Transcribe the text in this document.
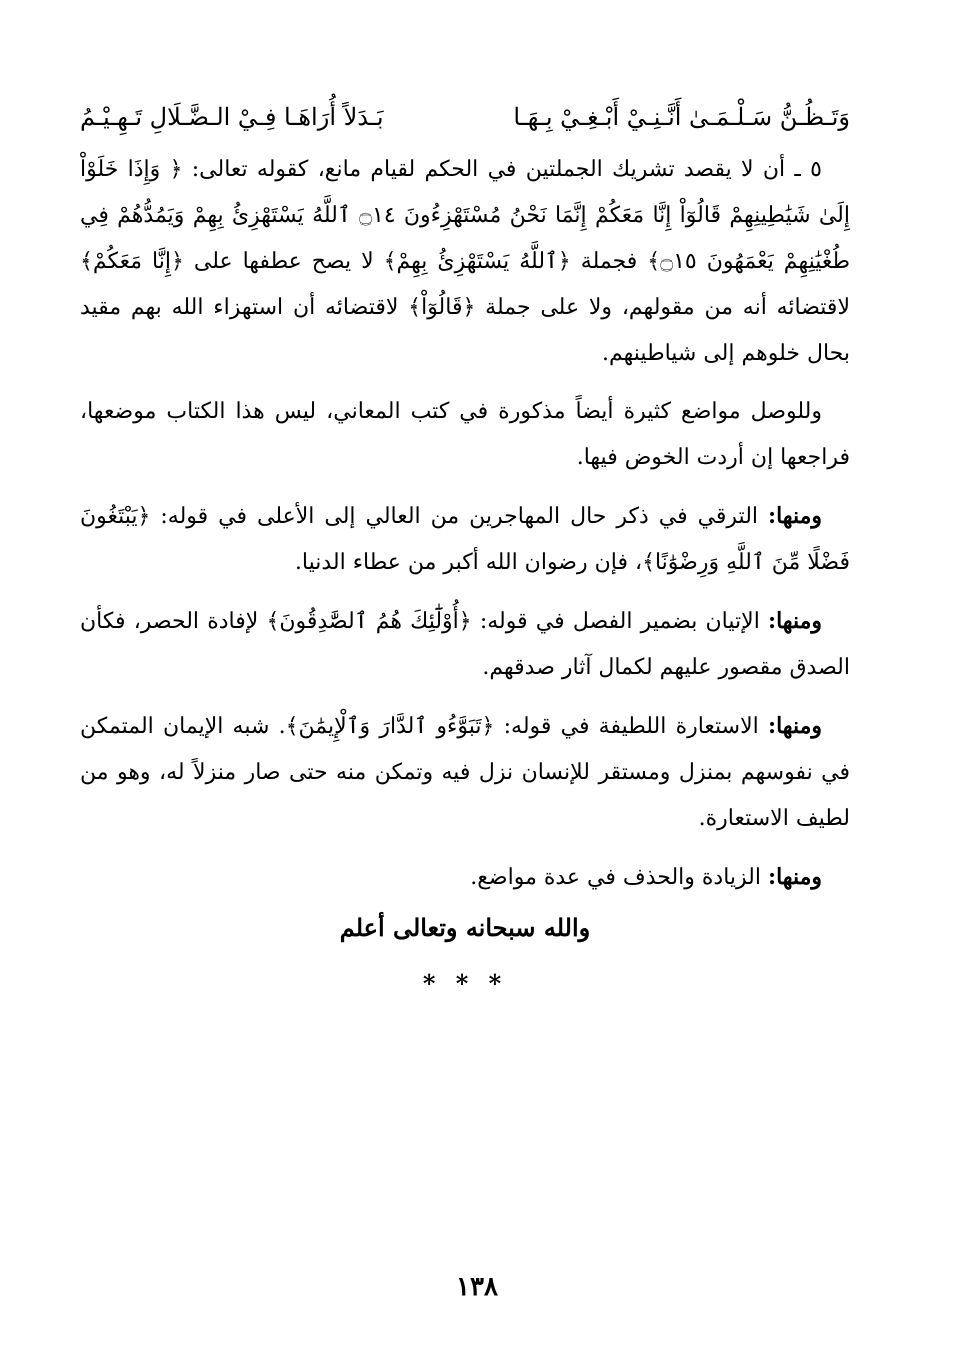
وَتَـظُـنُّ سَـلْـمَـىٰ أَنَّـنِـيْ أَبْـغِـيْ بِـهَـا
بَـدَلاً أُرَاهَـا فِـيْ الـضَّـلَالِ تَـهِـيْـمُ

٥ ـ أن لا يقصد تشريك الجملتين في الحكم لقيام مانع، كقوله تعالى: ﴿ وَإِذَا خَلَوْاْ إِلَىٰ شَيَٰطِينِهِمْ قَالُوٓاْ إِنَّا مَعَكُمْ إِنَّمَا نَحْنُ مُسْتَهْزِءُونَ ۝١٤ ٱللَّهُ يَسْتَهْزِئُ بِهِمْ وَيَمُدُّهُمْ فِي طُغْيَٰنِهِمْ يَعْمَهُونَ ۝١٥﴾ فجملة ﴿ٱللَّهُ يَسْتَهْزِئُ بِهِمْ﴾ لا يصح عطفها على ﴿إِنَّا مَعَكُمْ﴾ لاقتضائه أنه من مقولهم، ولا على جملة ﴿قَالُوٓاْ﴾ لاقتضائه أن استهزاء الله بهم مقيد بحال خلوهم إلى شياطينهم.

وللوصل مواضع كثيرة أيضاً مذكورة في كتب المعاني، ليس هذا الكتاب موضعها، فراجعها إن أردت الخوض فيها.

ومنها: الترقي في ذكر حال المهاجرين من العالي إلى الأعلى في قوله: ﴿يَبْتَغُونَ فَضْلًا مِّنَ ٱللَّهِ وَرِضْوَٰنًا﴾، فإن رضوان الله أكبر من عطاء الدنيا.

ومنها: الإتيان بضمير الفصل في قوله: ﴿أُوْلَٰٓئِكَ هُمُ ٱلصَّٰدِقُونَ﴾ لإفادة الحصر، فكأن الصدق مقصور عليهم لكمال آثار صدقهم.

ومنها: الاستعارة اللطيفة في قوله: ﴿تَبَوَّءُو ٱلدَّارَ وَٱلْإِيمَٰنَ﴾. شبه الإيمان المتمكن في نفوسهم بمنزل ومستقر للإنسان نزل فيه وتمكن منه حتى صار منزلاً له، وهو من لطيف الاستعارة.

ومنها: الزيادة والحذف في عدة مواضع.

والله سبحانه وتعالى أعلم
* * *
١٣٨
